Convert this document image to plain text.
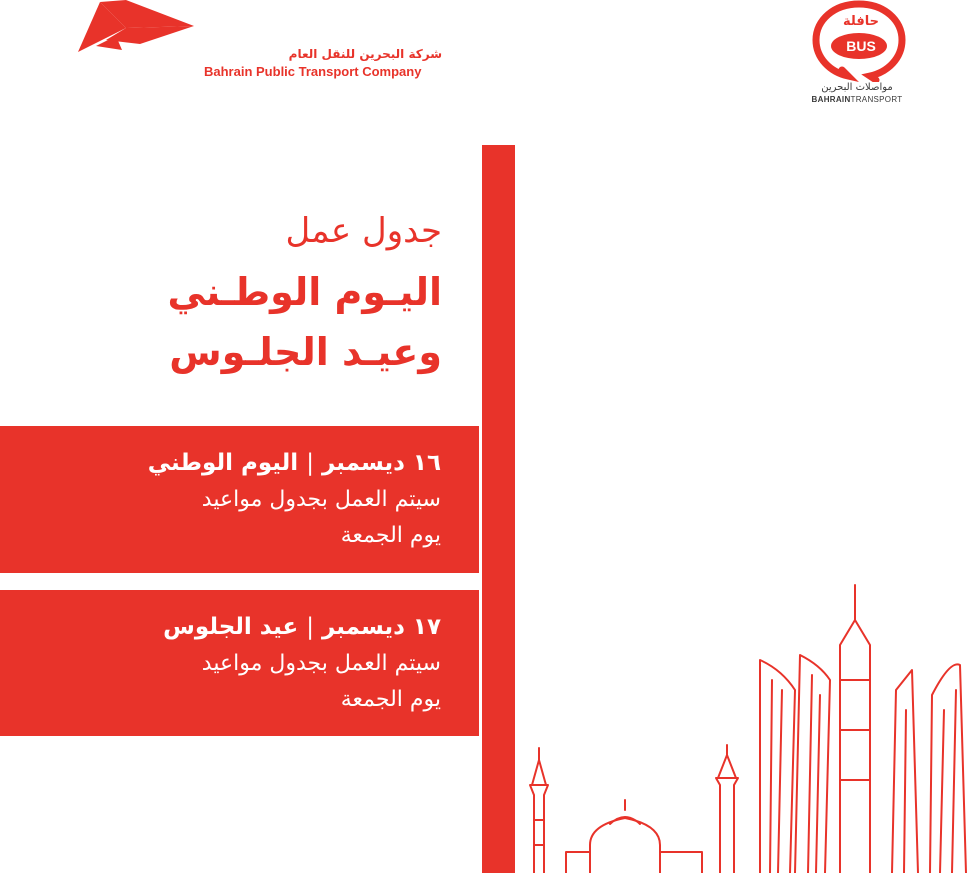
شركة البحرين للنقل العام
Bahrain Public Transport Company
حافلة
BUS
مواصلات البحرين
BAHRAINTRANSPORT
جدول عمل
اليـوم الوطـني
وعيـد الجلـوس
١٦ ديسمبر|اليوم الوطني
سيتم العمل بجدول مواعيد
يوم الجمعة
١٧ ديسمبر|عيد الجلوس
سيتم العمل بجدول مواعيد
يوم الجمعة
